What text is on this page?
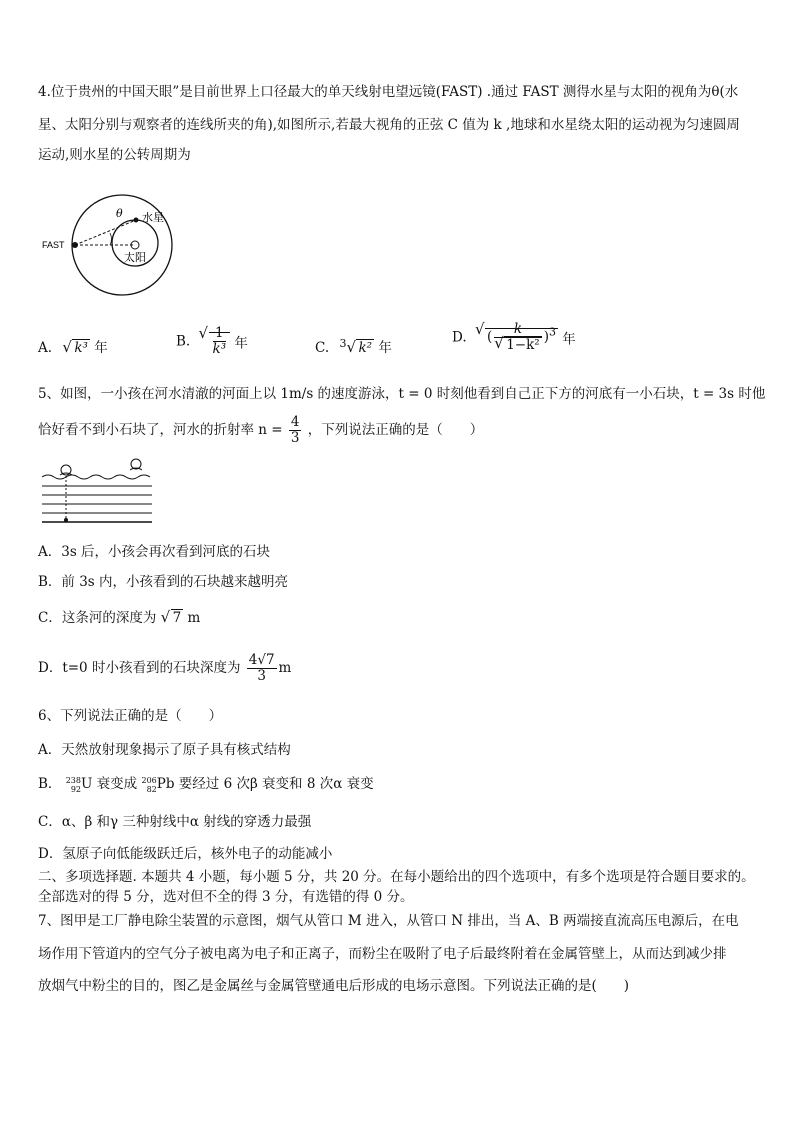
4.位于贵州的中国天眼”是目前世界上口径最大的单天线射电望远镜(FAST) .通过 FAST 测得水星与太阳的视角为θ(水
星、太阳分别与观察者的连线所夹的角),如图所示,若最大视角的正弦 C 值为 k ,地球和水星绕太阳的运动视为匀速圆周
运动,则水星的公转周期为
FAST
θ 水星
太阳
A. √ k³ 年	B. √ $\frac{1}{\text{k³}}$ 年	C. $^3$ √ k² 年
D. √ ( k
√ 1−k² )$^3$ 年
5、如图，一小孩在河水清澈的河面上以 1m/s 的速度游泳，t = 0 时刻他看到自己正下方的河底有一小石块，t = 3s 时他
恰好看不到小石块了，河水的折射率 $n = \frac{4}{3}$ ，下列说法正确的是（　　）
A．3s 后，小孩会再次看到河底的石块
B．前 3s 内，小孩看到的石块越来越明亮
C．这条河的深度为 √ 7 m
D．t=0 时小孩看到的石块深度为 $\frac{4√7}{3}$ m
6、下列说法正确的是（　　）
A．天然放射现象揭示了原子具有核式结构
B． 238
92 U 衰变成 206
82 Pb 要经过 6 次β 衰变和 8 次α 衰变
C．α、β 和γ 三种射线中α 射线的穿透力最强
D．氢原子向低能级跃迁后，核外电子的动能减小
二、多项选择题. 本题共 4 小题，每小题 5 分，共 20 分。在每小题给出的四个选项中，有多个选项是符合题目要求的。
全部选对的得 5 分，选对但不全的得 3 分，有选错的得 0 分。
7、图甲是工厂静电除尘装置的示意图，烟气从管口 M 进入，从管口 N 排出，当 A、B 两端接直流高压电源后，在电
场作用下管道内的空气分子被电离为电子和正离子，而粉尘在吸附了电子后最终附着在金属管壁上，从而达到减少排
放烟气中粉尘的目的，图乙是金属丝与金属管壁通电后形成的电场示意图。下列说法正确的是(　　)
